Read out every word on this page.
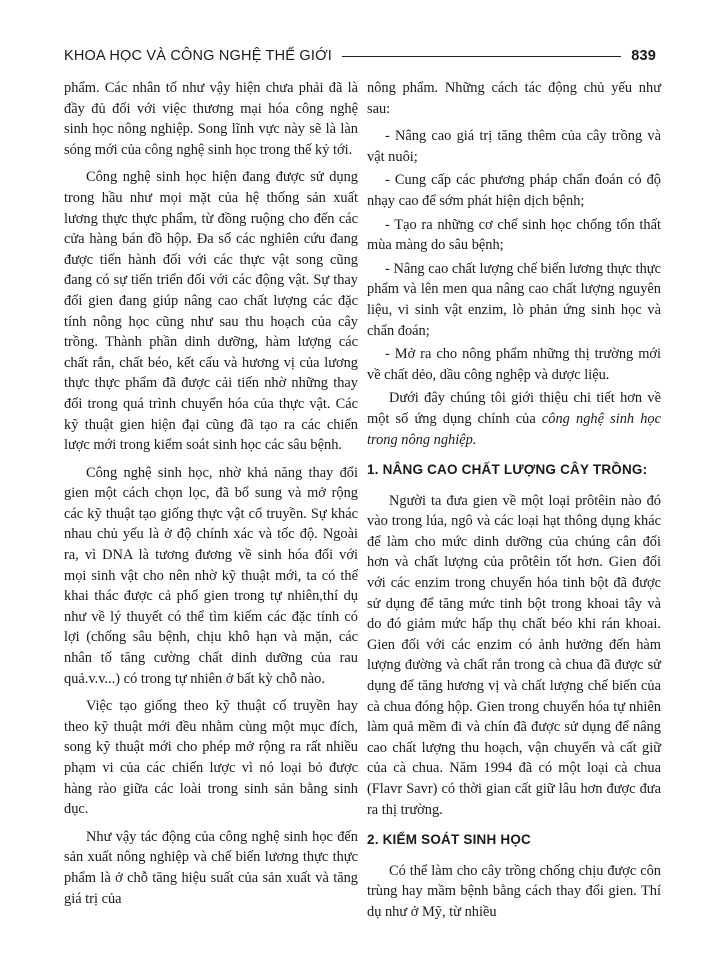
KHOA HỌC VÀ CÔNG NGHỆ THẾ GIỚI	839

phẩm. Các nhân tố như vậy hiện chưa phải đã là đầy đủ đối với việc thương mại hóa công nghệ sinh học nông nghiệp. Song lĩnh vực này sẽ là làn sóng mới của công nghệ sinh học trong thế kỷ tới.

Công nghệ sinh học hiện đang được sử dụng trong hầu như mọi mặt của hệ thống sản xuất lương thực thực phẩm, từ đồng ruộng cho đến các cửa hàng bán đồ hộp. Đa số các nghiên cứu đang được tiến hành đối với các thực vật song cũng đang có sự tiến triển đối với các động vật. Sự thay đổi gien đang giúp nâng cao chất lượng các đặc tính nông học cũng như sau thu hoạch của cây trồng. Thành phần dinh dưỡng, hàm lượng các chất rắn, chất béo, kết cấu và hương vị của lương thực thực phẩm đã được cải tiến nhờ những thay đổi trong quá trình chuyển hóa của thực vật. Các kỹ thuật gien hiện đại cũng đã tạo ra các chiến lược mới trong kiểm soát sinh học các sâu bệnh.

Công nghệ sinh học, nhờ khả năng thay đổi gien một cách chọn lọc, đã bổ sung và mở rộng các kỹ thuật tạo giống thực vật cổ truyền. Sự khác nhau chủ yếu là ở độ chính xác và tốc độ. Ngoài ra, vì DNA là tương đương về sinh hóa đối với mọi sinh vật cho nên nhờ kỹ thuật mới, ta có thể khai thác được cả phổ gien trong tự nhiên,thí dụ như về lý thuyết có thể tìm kiếm các đặc tính có lợi (chống sâu bệnh, chịu khô hạn và mặn, các nhân tố tăng cường chất dinh dưỡng của rau quả.v.v...) có trong tự nhiên ở bất kỳ chỗ nào.

Việc tạo giống theo kỹ thuật cổ truyền hay theo kỹ thuật mới đều nhằm cùng một mục đích, song kỹ thuật mới cho phép mở rộng ra rất nhiều phạm vi của các chiến lược vì nó loại bỏ được hàng rào giữa các loài trong sinh sản bằng sinh dục.

Như vậy tác động của công nghệ sinh học đến sản xuất nông nghiệp và chế biến lương thực thực phẩm là ở chỗ tăng hiệu suất của sản xuất và tăng giá trị của

nông phẩm. Những cách tác động chủ yếu như sau:

- Nâng cao giá trị tăng thêm của cây trồng và vật nuôi;

- Cung cấp các phương pháp chẩn đoán có độ nhạy cao để sớm phát hiện dịch bệnh;

- Tạo ra những cơ chế sinh học chống tổn thất mùa màng do sâu bệnh;

- Nâng cao chất lượng chế biến lương thực thực phẩm và lên men qua nâng cao chất lượng nguyên liệu, vi sinh vật enzim, lò phản ứng sinh học và chẩn đoán;

- Mở ra cho nông phẩm những thị trường mới về chất dẻo, dầu công nghệp và dược liệu.

Dưới đây chúng tôi giới thiệu chi tiết hơn về một số ứng dụng chính của công nghệ sinh học trong nông nghiệp.

1. NÂNG CAO CHẤT LƯỢNG CÂY TRỒNG:

Người ta đưa gien về một loại prôtêin nào đó vào trong lúa, ngô và các loại hạt thông dụng khác để làm cho mức dinh dưỡng của chúng cân đối hơn và chất lượng của prôtêin tốt hơn. Gien đối với các enzim trong chuyển hóa tinh bột đã được sử dụng để tăng mức tinh bột trong khoai tây và do đó giảm mức hấp thụ chất béo khi rán khoai. Gien đối với các enzim có ảnh hưởng đến hàm lượng đường và chất rắn trong cà chua đã được sử dụng để tăng hương vị và chất lượng chế biến của cà chua đóng hộp. Gien trong chuyển hóa tự nhiên làm quả mềm đi và chín đã được sử dụng để nâng cao chất lượng thu hoạch, vận chuyển và cất giữ của cà chua. Năm 1994 đã có một loại cà chua (Flavr Savr) có thời gian cất giữ lâu hơn được đưa ra thị trường.

2. KIỂM SOÁT SINH HỌC

Có thể làm cho cây trồng chống chịu được côn trùng hay mầm bệnh bằng cách thay đổi gien. Thí dụ như ở Mỹ, từ nhiều
